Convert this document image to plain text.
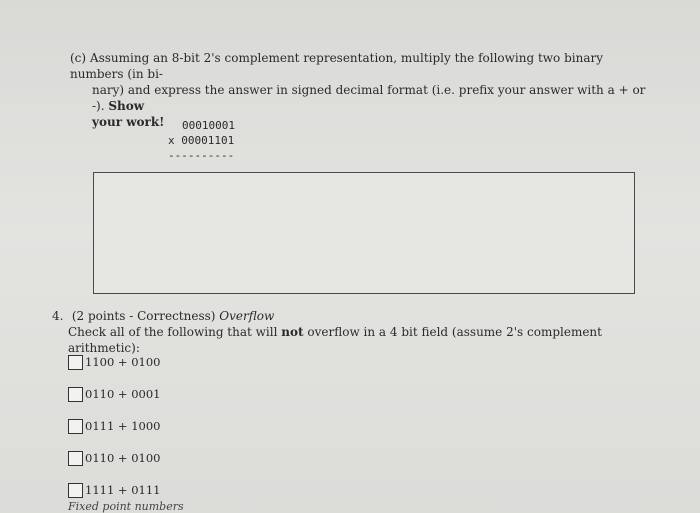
(c) Assuming an 8-bit 2's complement representation, multiply the following two binary numbers (in bi-
nary) and express the answer in signed decimal format (i.e. prefix your answer with a + or -). Show
your work!	00010001
x 00001101
----------
4. (2 points - Correctness) Overflow
Check all of the following that will not overflow in a 4 bit field (assume 2's complement arithmetic):
1100 + 0100
0110 + 0001
0111 + 1000
0110 + 0100
1111 + 0111
Fixed point numbers
